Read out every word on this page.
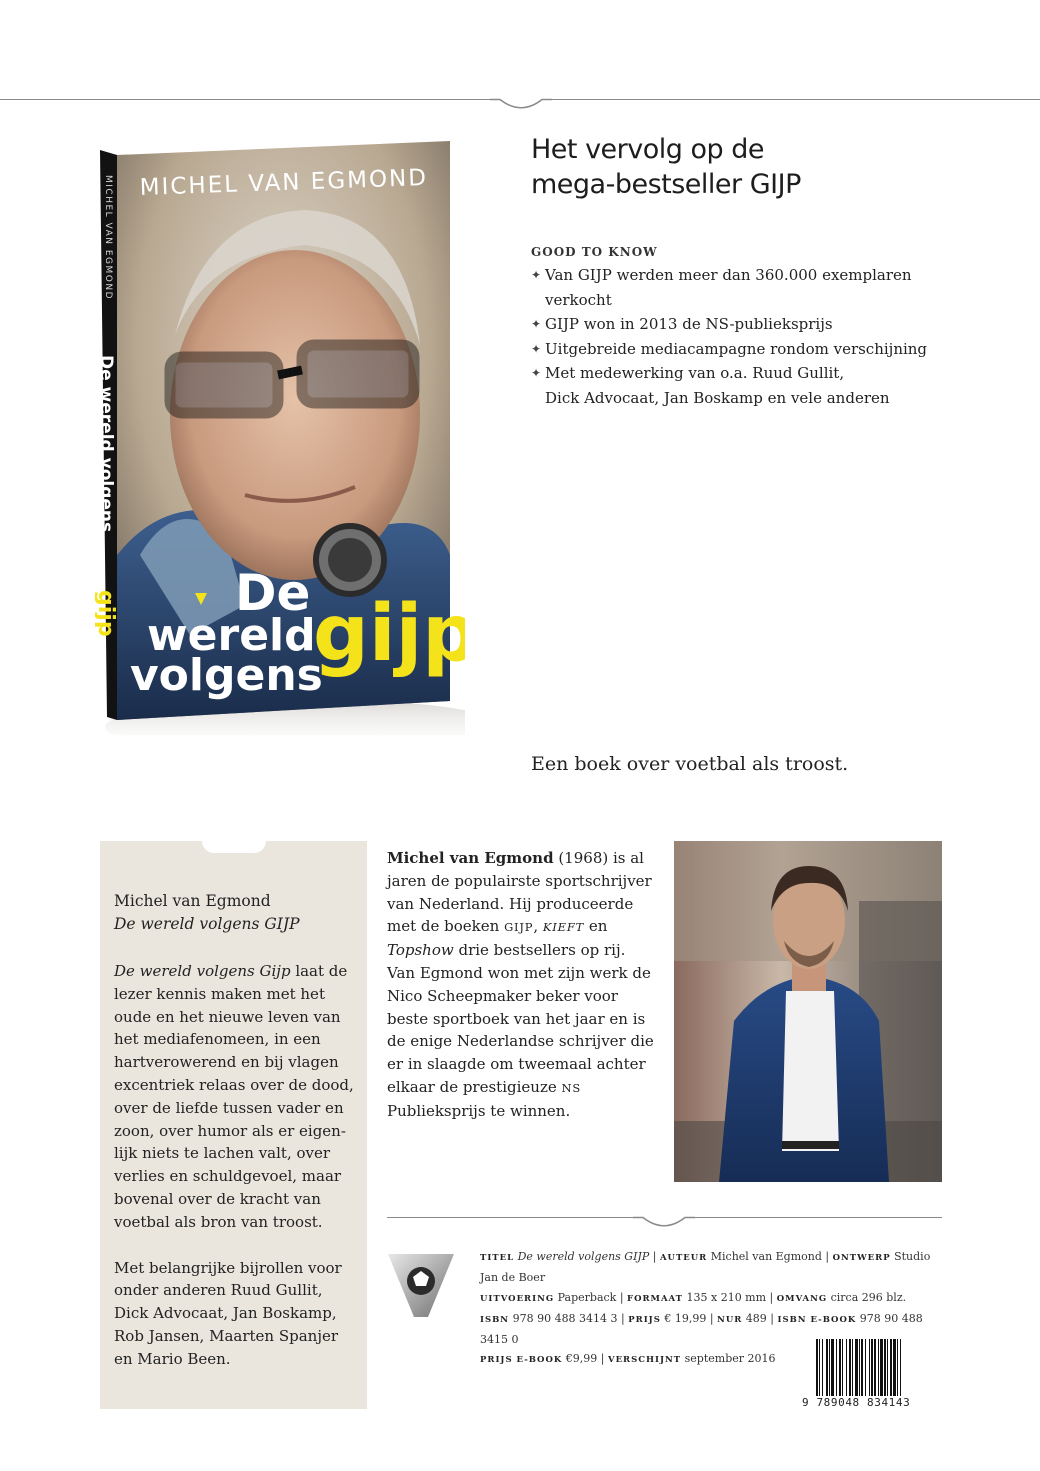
MICHEL VAN EGMOND
MICHEL VAN EGMOND
De wereld volgens
gijp De
wereld
volgens
gijp
Het vervolg op de
mega-bestseller GIJP
GOOD TO KNOW
✦ Van GIJP werden meer dan 360.000 exemplaren
verkocht
✦ GIJP won in 2013 de NS-publieksprijs
✦ Uitgebreide mediacampagne rondom verschijning
✦ Met medewerking van o.a. Ruud Gullit,
Dick Advocaat, Jan Boskamp en vele anderen
Een boek over voetbal als troost.
Michel van Egmond
De wereld volgens GIJP

De wereld volgens Gijp laat de lezer kennis maken met het oude en het nieuwe leven van het mediafenomeen, in een hartverowerend en bij vlagen excentriek relaas over de dood, over de liefde tussen vader en zoon, over humor als er eigenlijk niets te lachen valt, over verlies en schuldgevoel, maar bovenal over de kracht van voetbal als bron van troost.

Met belangrijke bijrollen voor onder anderen Ruud Gullit, Dick Advocaat, Jan Boskamp, Rob Jansen, Maarten Spanjer en Mario Been.

Michel van Egmond (1968) is al jaren de populairste sportschrijver van Nederland. Hij produceerde met de boeken GIJP, KIEFT en Topshow drie bestsellers op rij. Van Egmond won met zijn werk de Nico Scheepmaker beker voor beste sportboek van het jaar en is de enige Nederlandse schrijver die er in slaagde om tweemaal achter elkaar de prestigieuze NS Publieksprijs te winnen.
TITEL De wereld volgens GIJP | AUTEUR Michel van Egmond | ONTWERP Studio Jan de Boer
UITVOERING Paperback | FORMAAT 135 x 210 mm | OMVANG circa 296 blz.
ISBN 978 90 488 3414 3 | PRIJS € 19,99 | NUR 489 | ISBN E-BOOK 978 90 488 3415 0
PRIJS E-BOOK €9,99 | VERSCHIJNT september 2016
9 789048 834143
